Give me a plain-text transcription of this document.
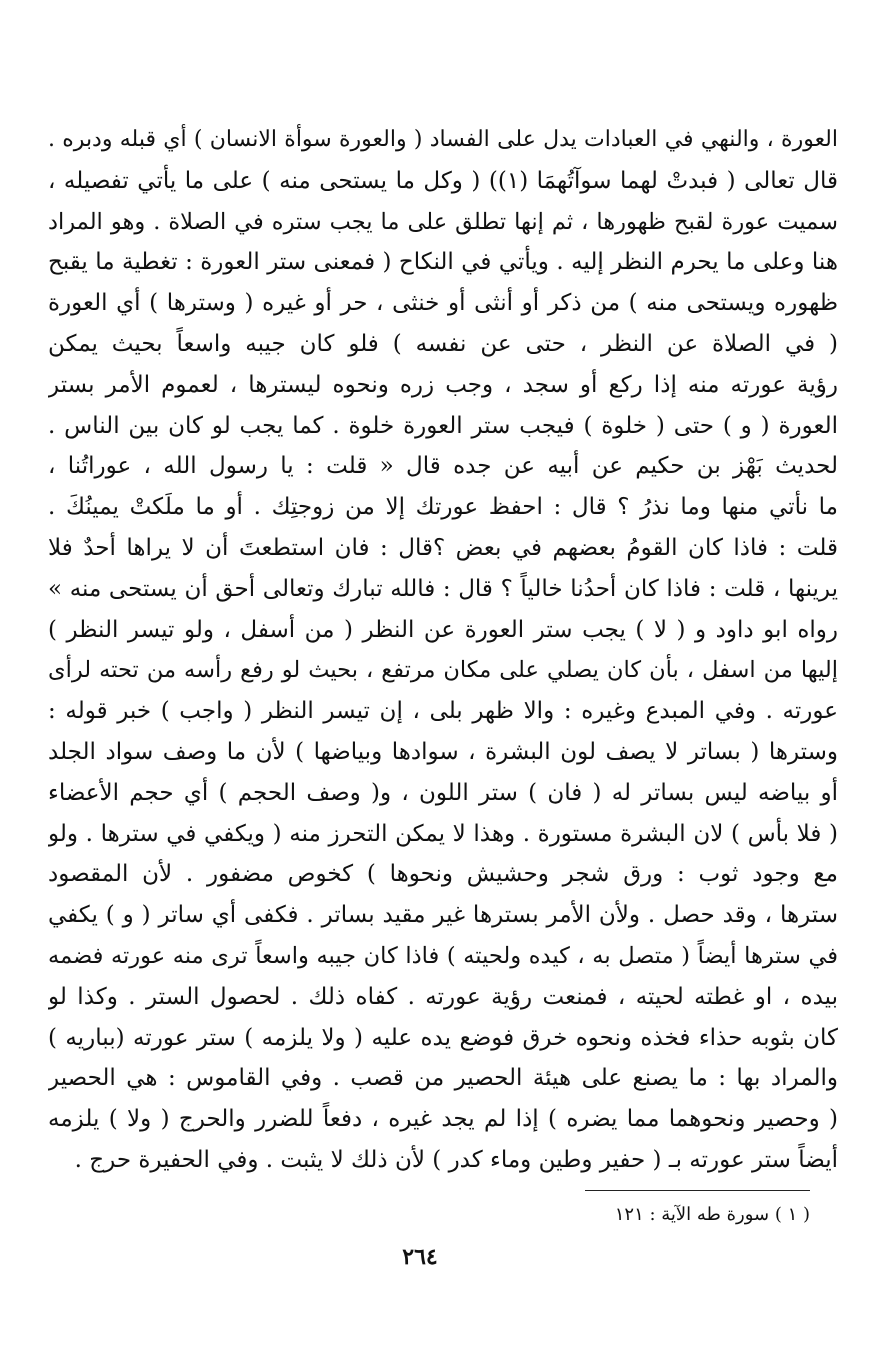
العورة ، والنهي في العبادات يدل على الفساد ( والعورة سوأة الانسان ) أي قبله ودبره .
قال تعالى ( فبدتْ لهما سوآتُهمَا (١)) ( وكل ما يستحى منه ) على ما يأتي تفصيله ،
سميت عورة لقبح ظهورها ، ثم إنها تطلق على ما يجب ستره في الصلاة . وهو المراد
هنا وعلى ما يحرم النظر إليه . ويأتي في النكاح ( فمعنى ستر العورة : تغطية ما يقبح
ظهوره ويستحى منه ) من ذكر أو أنثى أو خنثى ، حر أو غيره ( وسترها ) أي العورة
( في الصلاة عن النظر ، حتى عن نفسه ) فلو كان جيبه واسعاً بحيث يمكن
رؤية عورته منه إذا ركع أو سجد ، وجب زره ونحوه ليسترها ، لعموم الأمر بستر
العورة ( و ) حتى ( خلوة ) فيجب ستر العورة خلوة . كما يجب لو كان بين الناس .
لحديث بَهْز بن حكيم عن أبيه عن جده قال « قلت : يا رسول الله ، عوراتُنا ،
ما نأتي منها وما نذرُ ؟ قال : احفظ عورتك إلا من زوجتِك . أو ما ملَكتْ يمينُكَ .
قلت : فاذا كان القومُ بعضهم في بعض ؟قال : فان استطعتَ أن لا يراها أحدٌ فلا
يرينها ، قلت : فاذا كان أحدُنا خالياً ؟ قال : فالله تبارك وتعالى أحق أن يستحى منه »
رواه ابو داود و ( لا ) يجب ستر العورة عن النظر ( من أسفل ، ولو تيسر النظر )
إليها من اسفل ، بأن كان يصلي على مكان مرتفع ، بحيث لو رفع رأسه من تحته لرأى
عورته . وفي المبدع وغيره : والا ظهر بلى ، إن تيسر النظر ( واجب ) خبر قوله :
وسترها ( بساتر لا يصف لون البشرة ، سوادها وبياضها ) لأن ما وصف سواد الجلد
أو بياضه ليس بساتر له ( فان ) ستر اللون ، و( وصف الحجم ) أي حجم الأعضاء
( فلا بأس ) لان البشرة مستورة . وهذا لا يمكن التحرز منه ( ويكفي في سترها . ولو
مع وجود ثوب : ورق شجر وحشيش ونحوها ) كخوص مضفور . لأن المقصود
سترها ، وقد حصل . ولأن الأمر بسترها غير مقيد بساتر . فكفى أي ساتر ( و ) يكفي
في سترها أيضاً ( متصل به ، كيده ولحيته ) فاذا كان جيبه واسعاً ترى منه عورته فضمه
بيده ، او غطته لحيته ، فمنعت رؤية عورته . كفاه ذلك . لحصول الستر . وكذا لو
كان بثوبه حذاء فخذه ونحوه خرق فوضع يده عليه ( ولا يلزمه ) ستر عورته (بباريه )
والمراد بها : ما يصنع على هيئة الحصير من قصب . وفي القاموس : هي الحصير
( وحصير ونحوهما مما يضره ) إذا لم يجد غيره ، دفعاً للضرر والحرج ( ولا ) يلزمه
أيضاً ستر عورته بـ ( حفير وطين وماء كدر ) لأن ذلك لا يثبت . وفي الحفيرة حرج .
( ١ ) سورة طه الآية : ١٢١
٢٦٤
